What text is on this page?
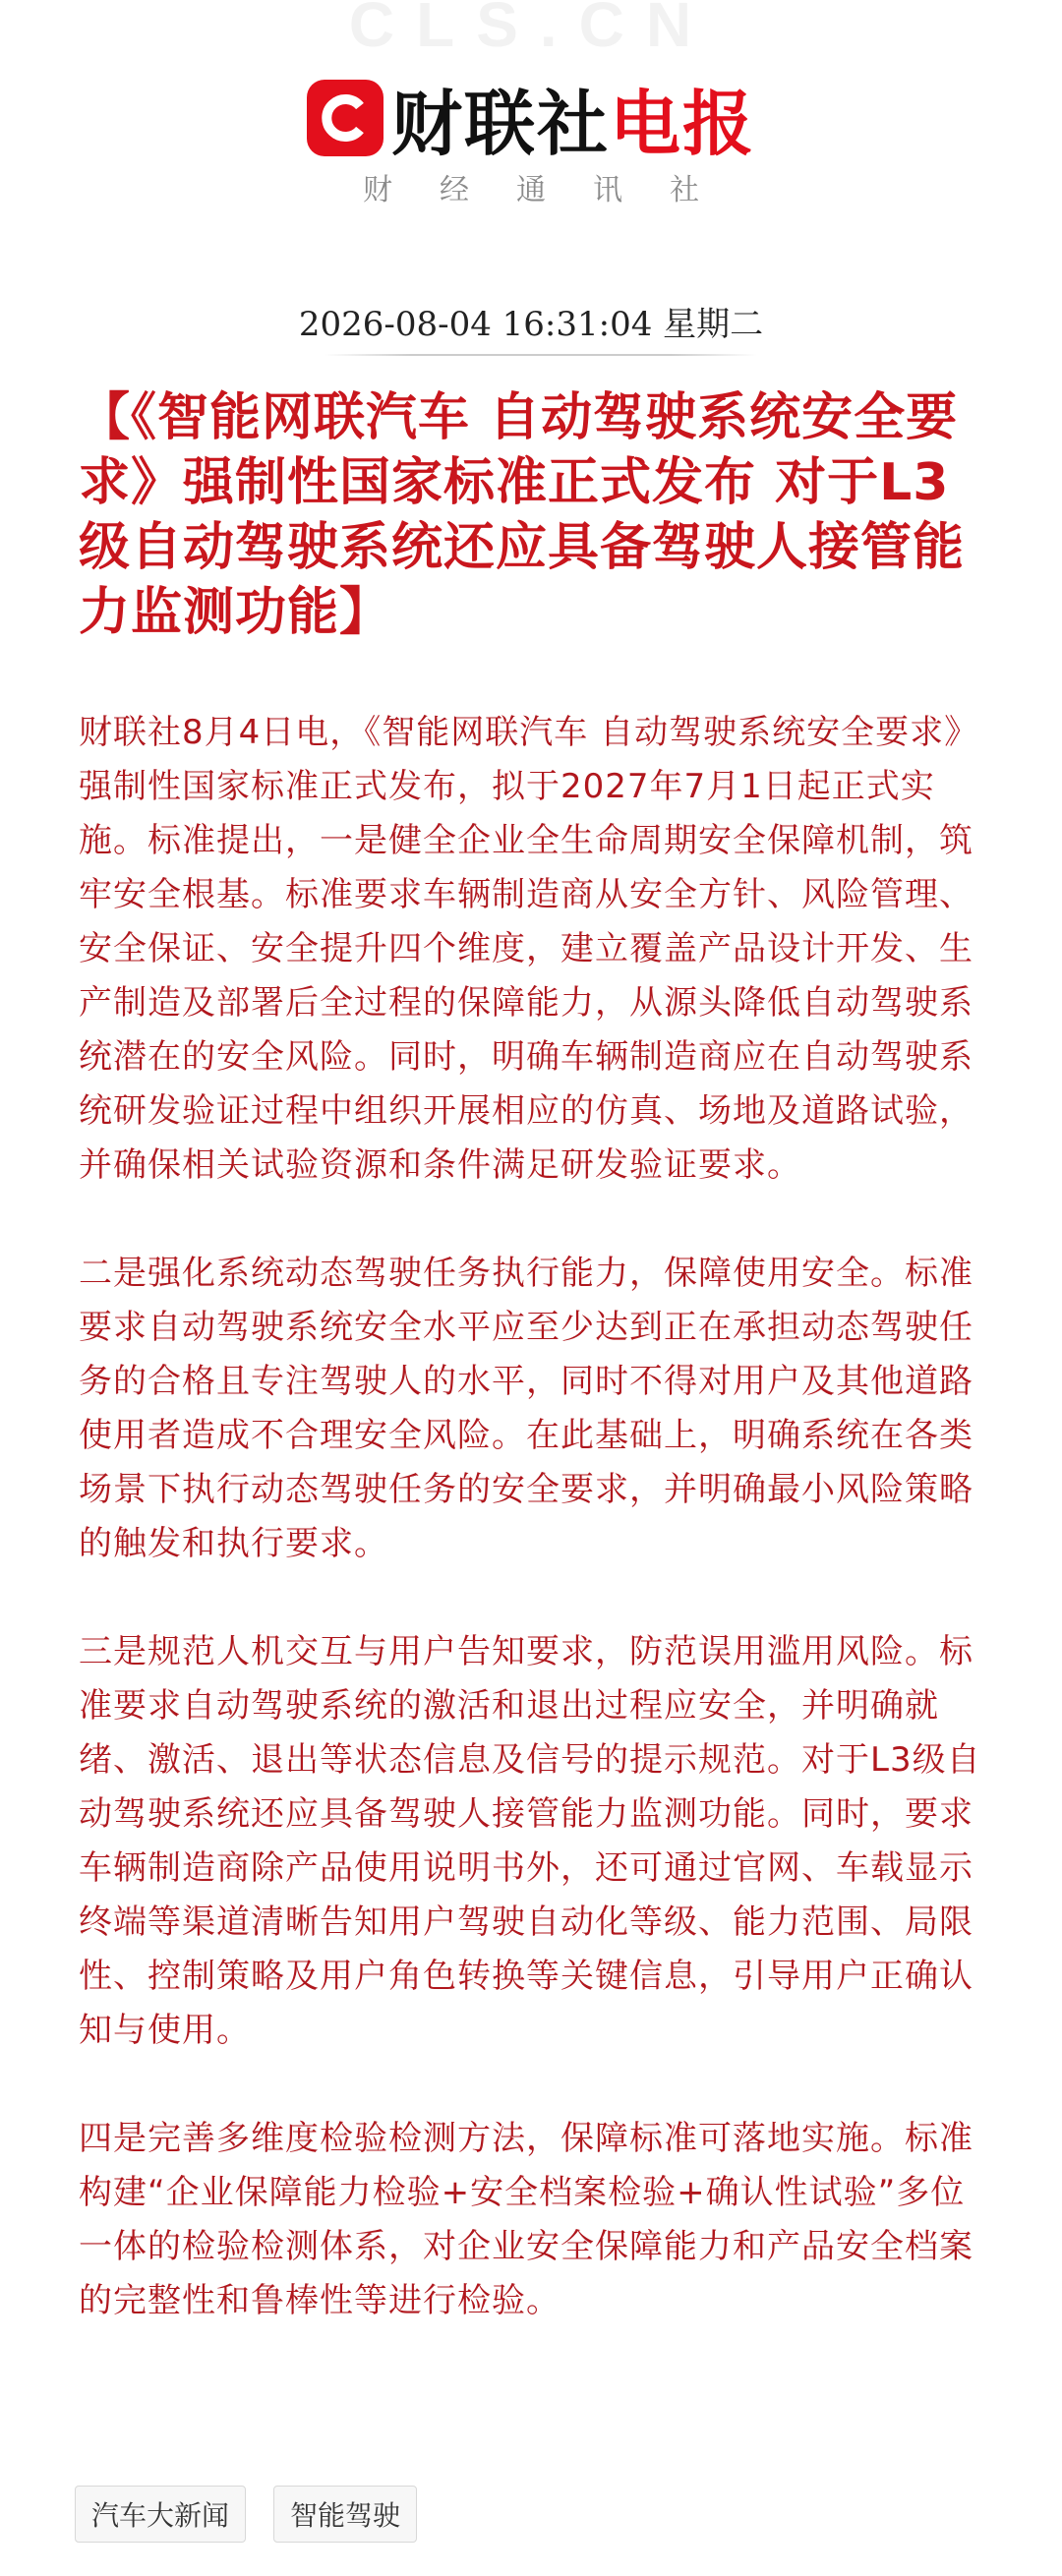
CLS.CN
财联社电报
财经通讯社
2026-08-04 16:31:04 星期二
【《智能网联汽车 自动驾驶系统安全要求》强制性国家标准正式发布 对于L3级自动驾驶系统还应具备驾驶人接管能力监测功能】

财联社8月4日电，《智能网联汽车 自动驾驶系统安全要求》强制性国家标准正式发布，拟于2027年7月1日起正式实施。标准提出，一是健全企业全生命周期安全保障机制，筑牢安全根基。标准要求车辆制造商从安全方针、风险管理、安全保证、安全提升四个维度，建立覆盖产品设计开发、生产制造及部署后全过程的保障能力，从源头降低自动驾驶系统潜在的安全风险。同时，明确车辆制造商应在自动驾驶系统研发验证过程中组织开展相应的仿真、场地及道路试验，并确保相关试验资源和条件满足研发验证要求。

二是强化系统动态驾驶任务执行能力，保障使用安全。标准要求自动驾驶系统安全水平应至少达到正在承担动态驾驶任务的合格且专注驾驶人的水平，同时不得对用户及其他道路使用者造成不合理安全风险。在此基础上，明确系统在各类场景下执行动态驾驶任务的安全要求，并明确最小风险策略的触发和执行要求。

三是规范人机交互与用户告知要求，防范误用滥用风险。标准要求自动驾驶系统的激活和退出过程应安全，并明确就绪、激活、退出等状态信息及信号的提示规范。对于L3级自动驾驶系统还应具备驾驶人接管能力监测功能。同时，要求车辆制造商除产品使用说明书外，还可通过官网、车载显示终端等渠道清晰告知用户驾驶自动化等级、能力范围、局限性、控制策略及用户角色转换等关键信息，引导用户正确认知与使用。

四是完善多维度检验检测方法，保障标准可落地实施。标准构建“企业保障能力检验+安全档案检验+确认性试验”多位一体的检验检测体系，对企业安全保障能力和产品安全档案的完整性和鲁棒性等进行检验。

汽车大新闻	智能驾驶
